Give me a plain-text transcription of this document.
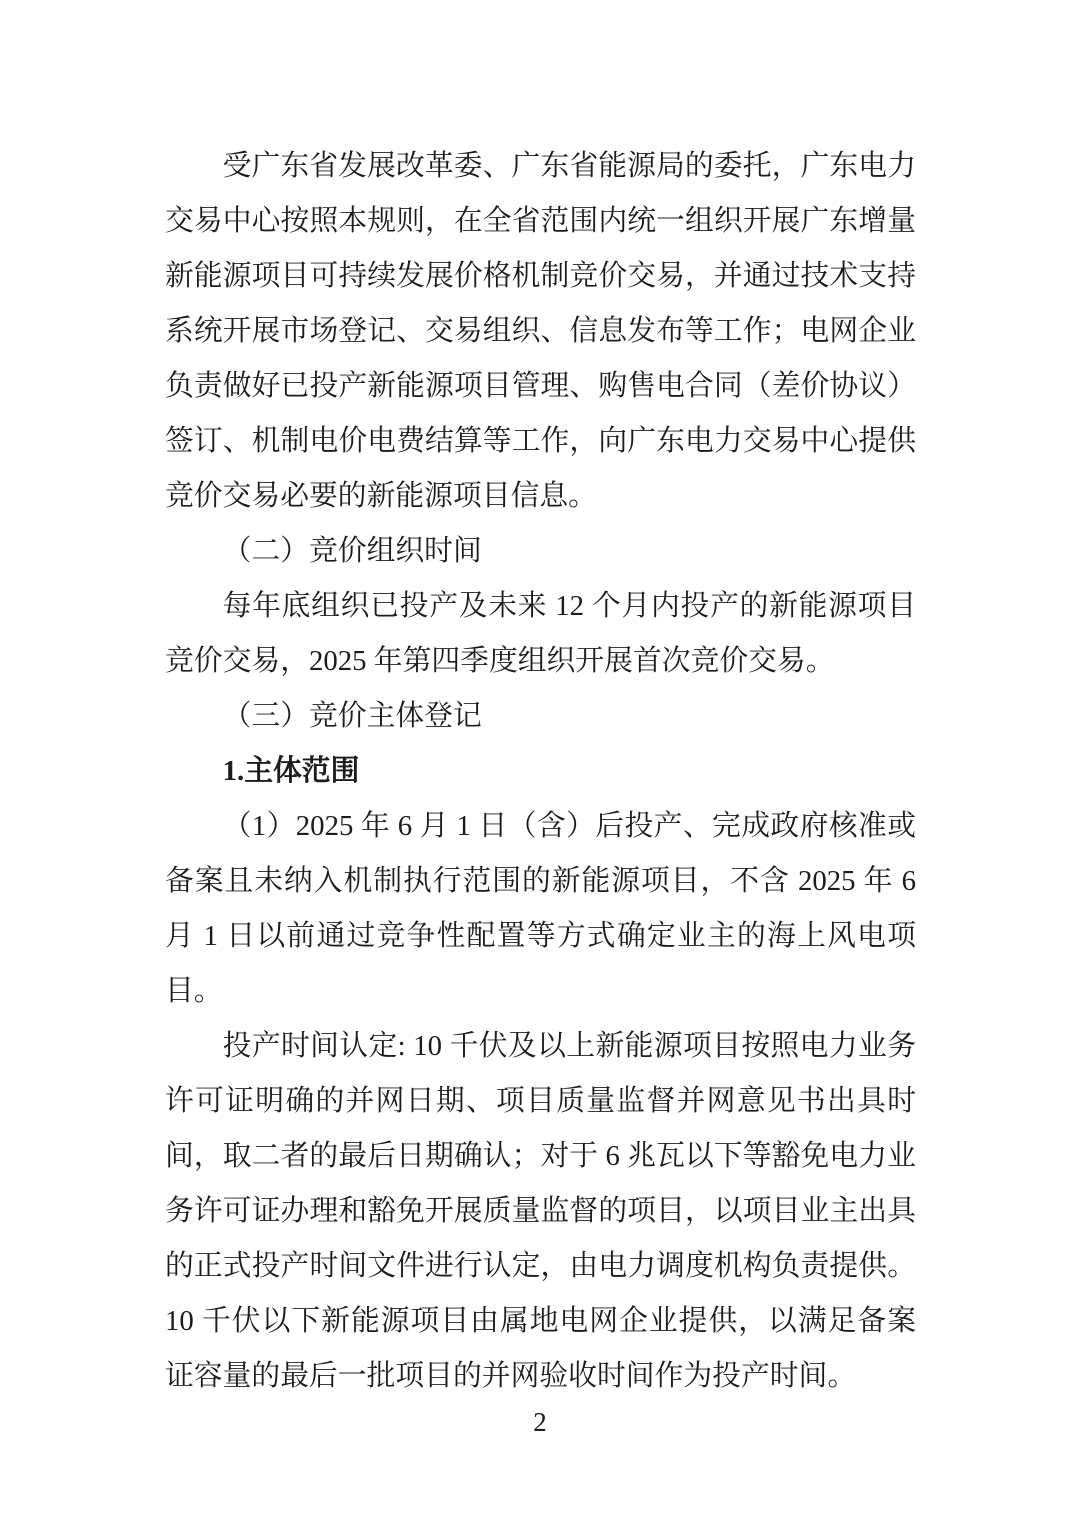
受广东省发展改革委、广东省能源局的委托，广东电力交易中心按照本规则，在全省范围内统一组织开展广东增量新能源项目可持续发展价格机制竞价交易，并通过技术支持系统开展市场登记、交易组织、信息发布等工作；电网企业负责做好已投产新能源项目管理、购售电合同（差价协议）签订、机制电价电费结算等工作，向广东电力交易中心提供竞价交易必要的新能源项目信息。

（二）竞价组织时间

每年底组织已投产及未来 12 个月内投产的新能源项目竞价交易，2025 年第四季度组织开展首次竞价交易。

（三）竞价主体登记

1.主体范围

（1）2025 年 6 月 1 日（含）后投产、完成政府核准或备案且未纳入机制执行范围的新能源项目，不含 2025 年 6 月 1 日以前通过竞争性配置等方式确定业主的海上风电项目。

投产时间认定: 10 千伏及以上新能源项目按照电力业务许可证明确的并网日期、项目质量监督并网意见书出具时间，取二者的最后日期确认；对于 6 兆瓦以下等豁免电力业务许可证办理和豁免开展质量监督的项目，以项目业主出具的正式投产时间文件进行认定，由电力调度机构负责提供。10 千伏以下新能源项目由属地电网企业提供，以满足备案证容量的最后一批项目的并网验收时间作为投产时间。

2
